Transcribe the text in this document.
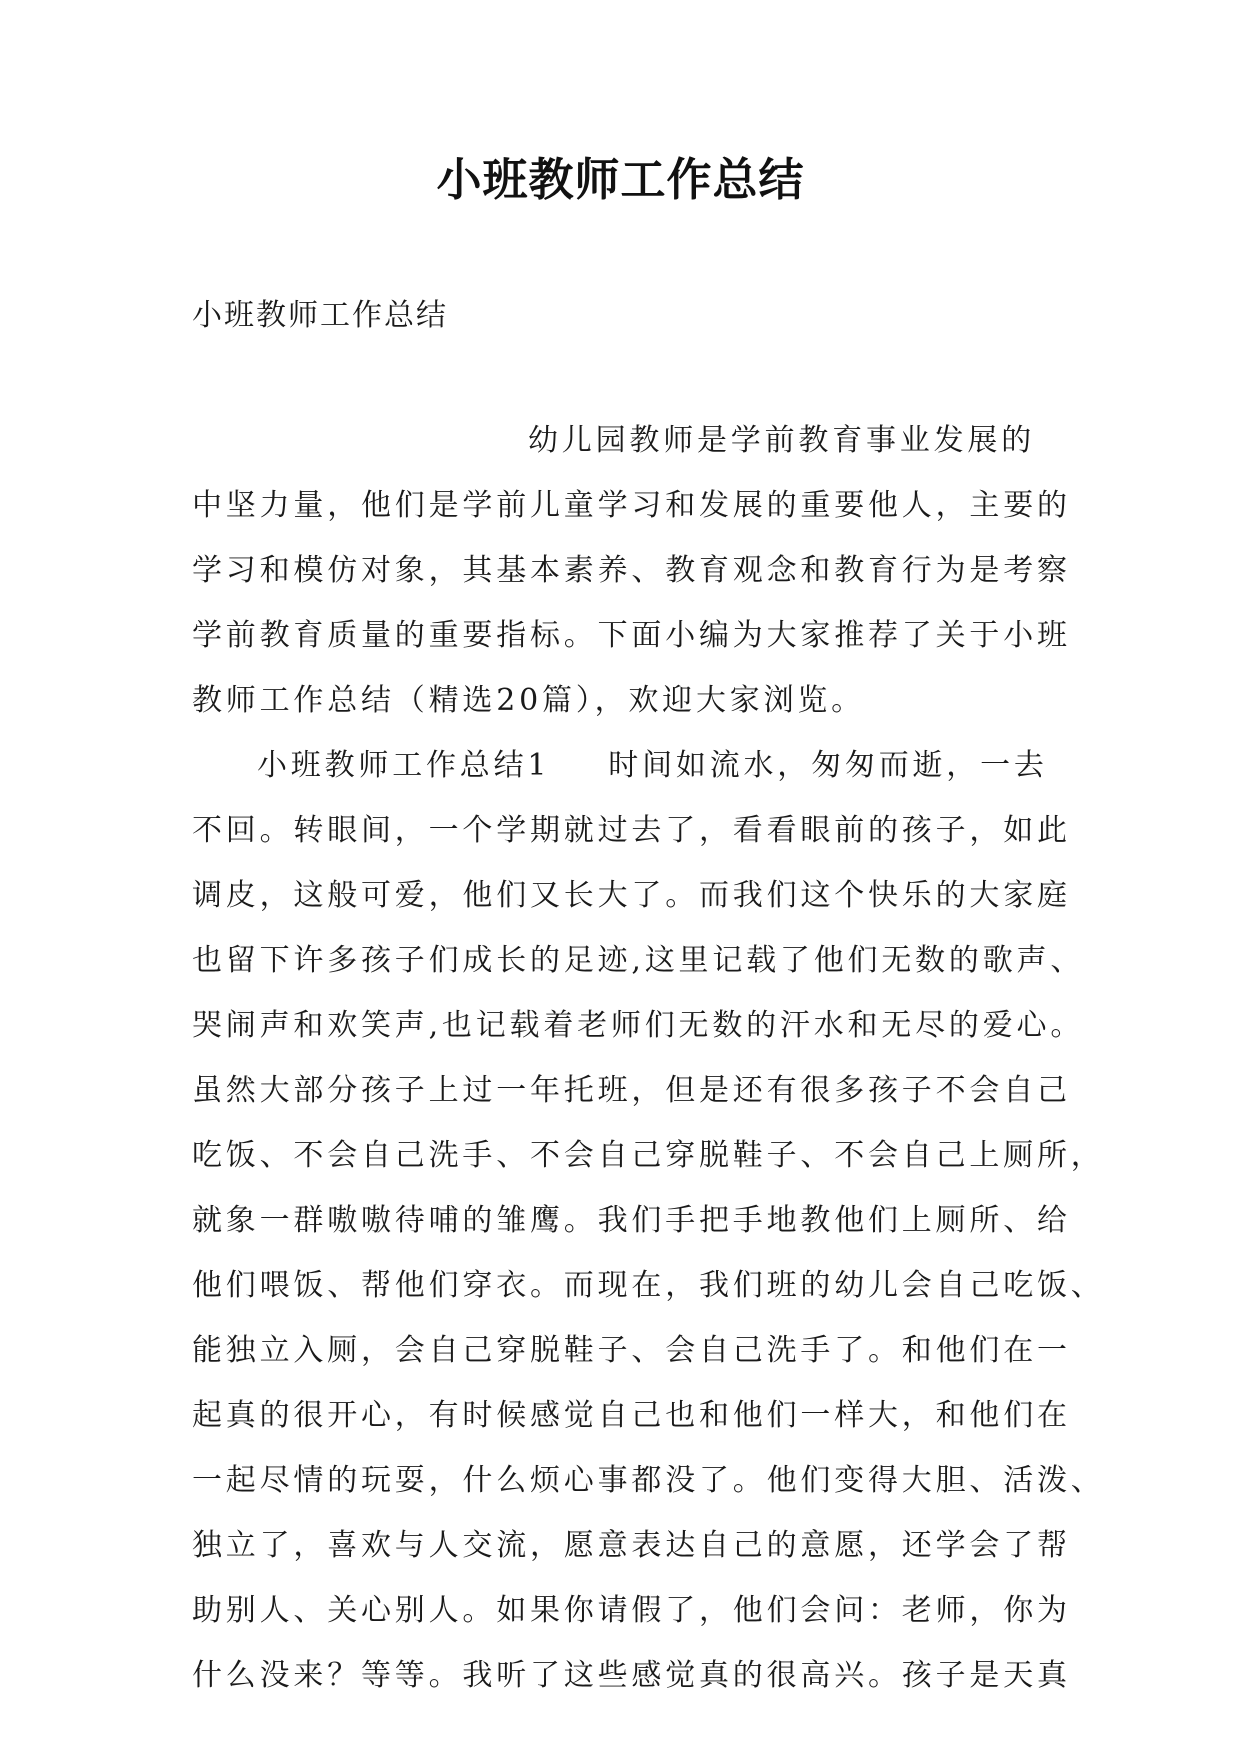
小班教师工作总结
小班教师工作总结
幼儿园教师是学前教育事业发展的
中坚力量，他们是学前儿童学习和发展的重要他人，主要的
学习和模仿对象，其基本素养、教育观念和教育行为是考察
学前教育质量的重要指标。下面小编为大家推荐了关于小班
教师工作总结（精选20篇），欢迎大家浏览。
小班教师工作总结1 时间如流水，匆匆而逝，一去
不回。转眼间，一个学期就过去了，看看眼前的孩子，如此
调皮，这般可爱，他们又长大了。而我们这个快乐的大家庭
也留下许多孩子们成长的足迹,这里记载了他们无数的歌声、
哭闹声和欢笑声,也记载着老师们无数的汗水和无尽的爱心。
虽然大部分孩子上过一年托班，但是还有很多孩子不会自己
吃饭、不会自己洗手、不会自己穿脱鞋子、不会自己上厕所，
就象一群嗷嗷待哺的雏鹰。我们手把手地教他们上厕所、给
他们喂饭、帮他们穿衣。而现在，我们班的幼儿会自己吃饭、
能独立入厕，会自己穿脱鞋子、会自己洗手了。和他们在一
起真的很开心，有时候感觉自己也和他们一样大，和他们在
一起尽情的玩耍，什么烦心事都没了。他们变得大胆、活泼、
独立了，喜欢与人交流，愿意表达自己的意愿，还学会了帮
助别人、关心别人。如果你请假了，他们会问：老师，你为
什么没来？等等。我听了这些感觉真的很高兴。孩子是天真
